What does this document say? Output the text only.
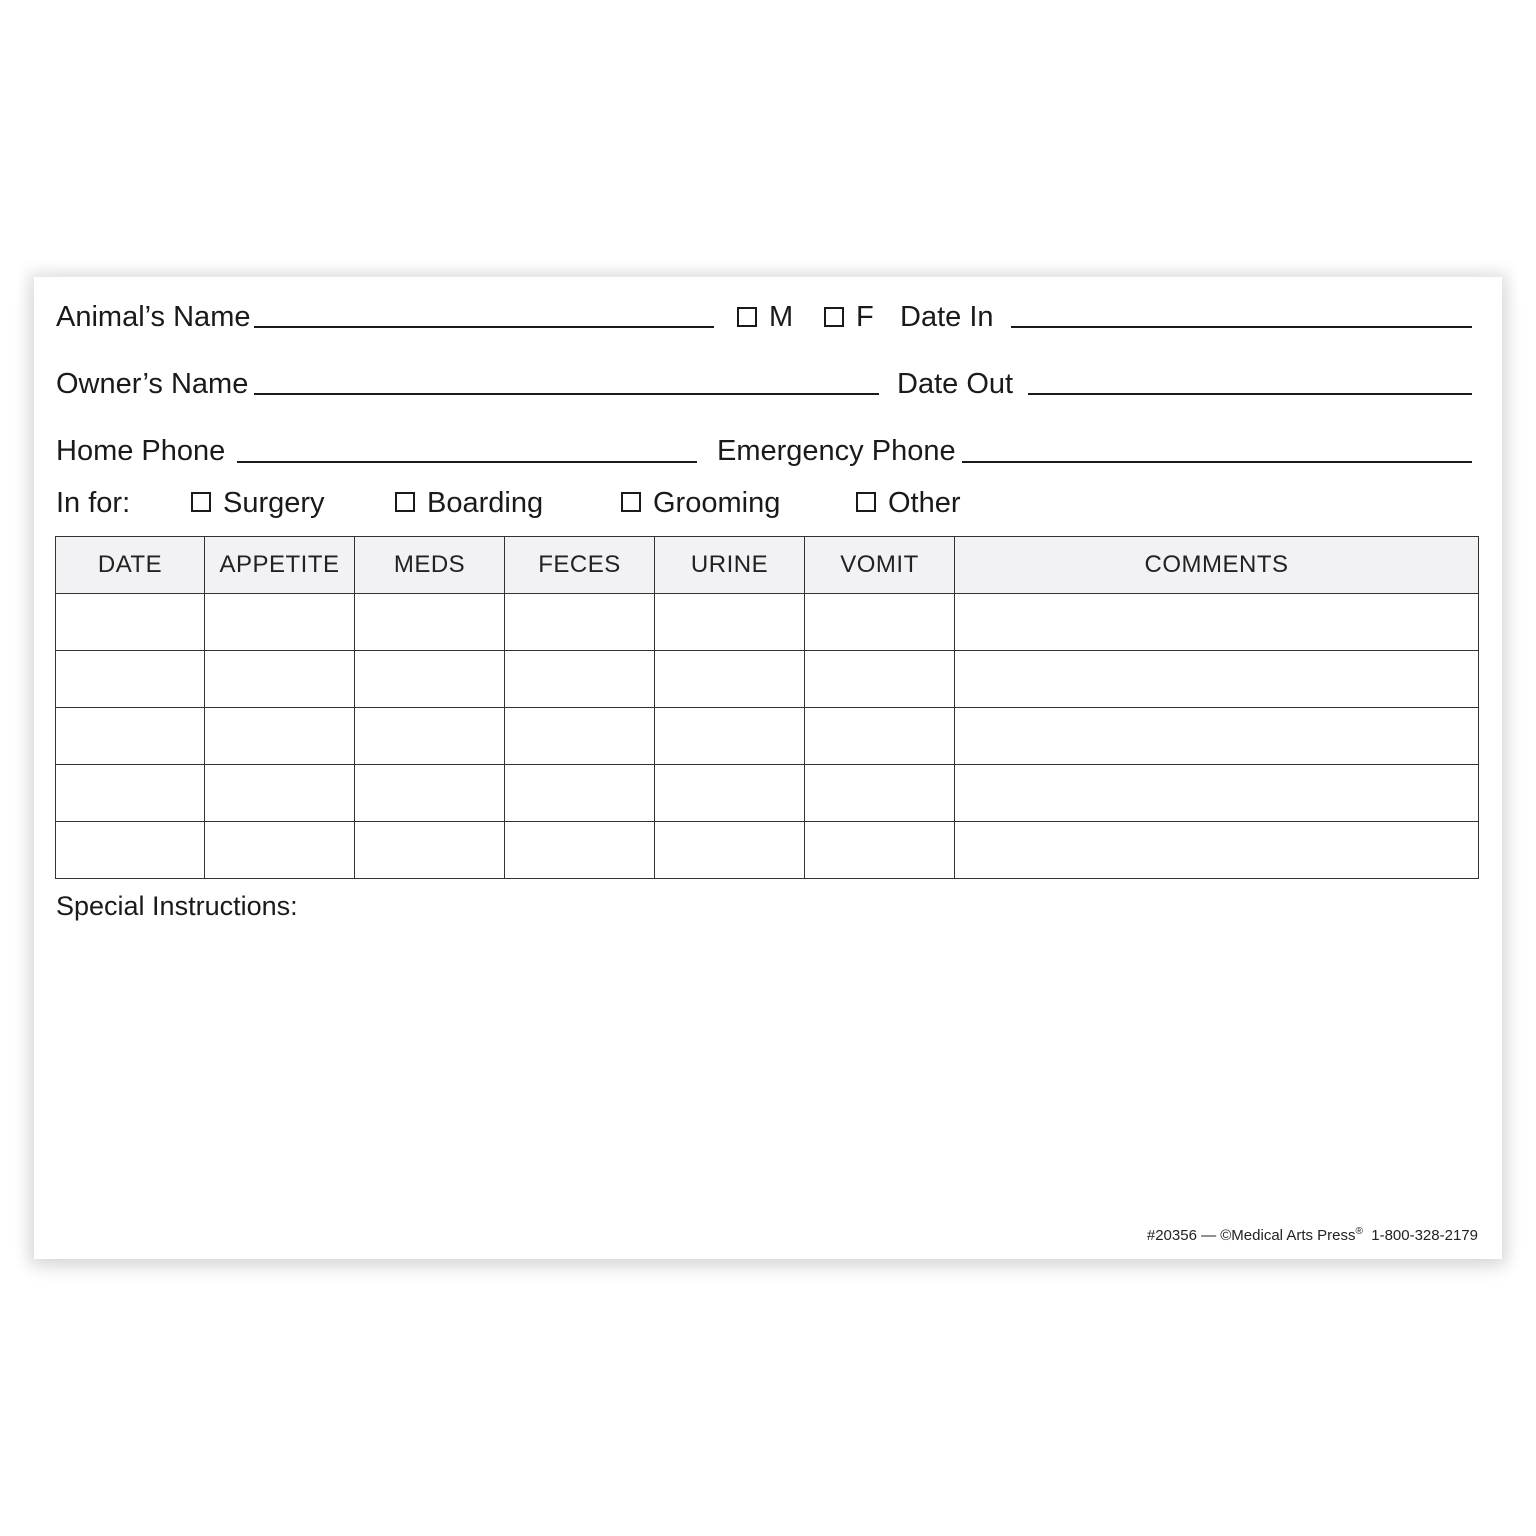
Animal’s Name	M F Date In
Owner’s Name	Date Out
Home Phone	Emergency Phone
In for:	Surgery	Boarding	Grooming	Other
DATE	APPETITE	MEDS	FECES	URINE	VOMIT	COMMENTS

Special Instructions:
#20356 — ©Medical Arts Press® 1-800-328-2179
